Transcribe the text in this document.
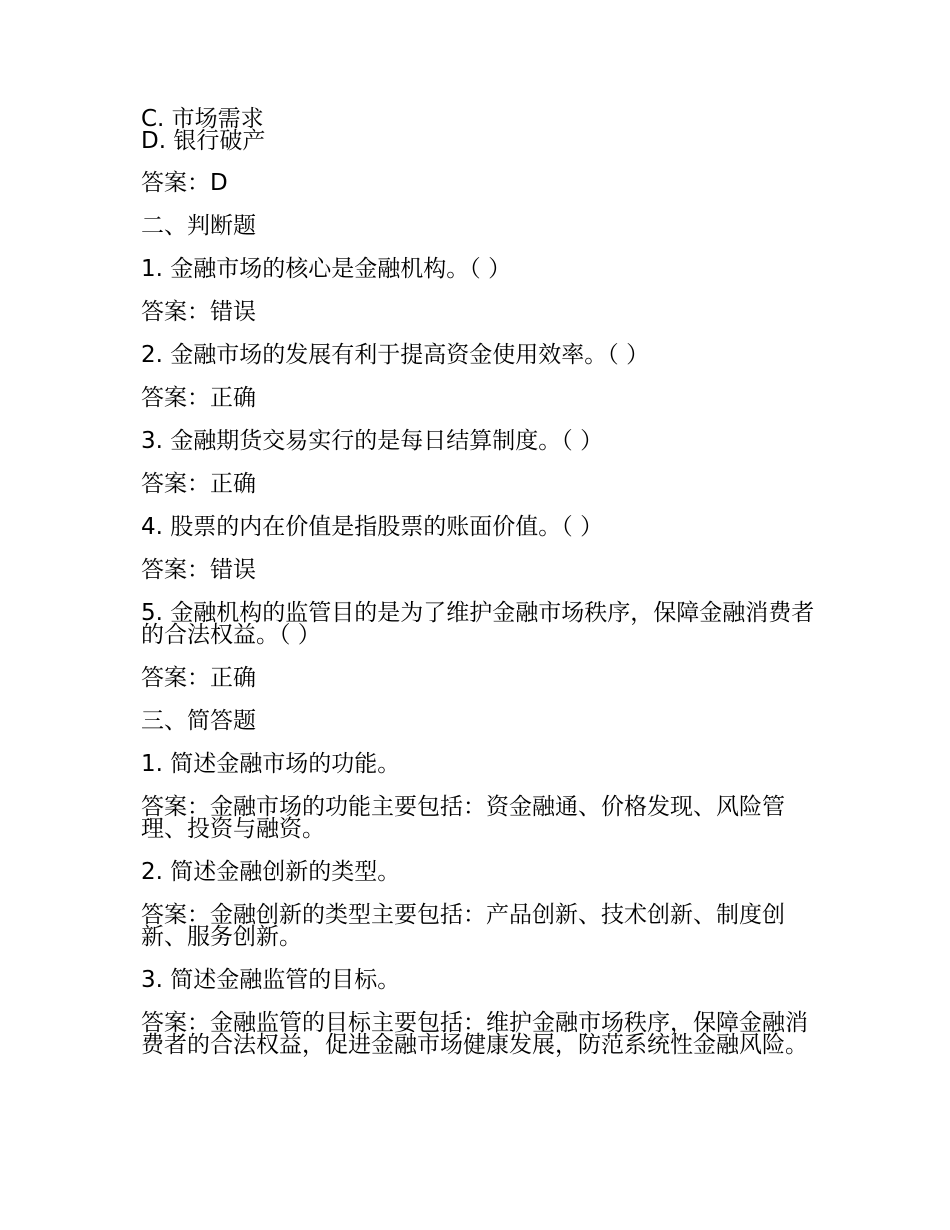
C. 市场需求

D. 银行破产

答案：D

二、判断题

1. 金融市场的核心是金融机构。（ ）

答案：错误

2. 金融市场的发展有利于提高资金使用效率。（ ）

答案：正确

3. 金融期货交易实行的是每日结算制度。（ ）

答案：正确

4. 股票的内在价值是指股票的账面价值。（ ）

答案：错误

5. 金融机构的监管目的是为了维护金融市场秩序，保障金融消费者的合法权益。（ ）

答案：正确

三、简答题

1. 简述金融市场的功能。

答案：金融市场的功能主要包括：资金融通、价格发现、风险管理、投资与融资。

2. 简述金融创新的类型。

答案：金融创新的类型主要包括：产品创新、技术创新、制度创新、服务创新。

3. 简述金融监管的目标。

答案：金融监管的目标主要包括：维护金融市场秩序，保障金融消费者的合法权益，促进金融市场健康发展，防范系统性金融风险。
